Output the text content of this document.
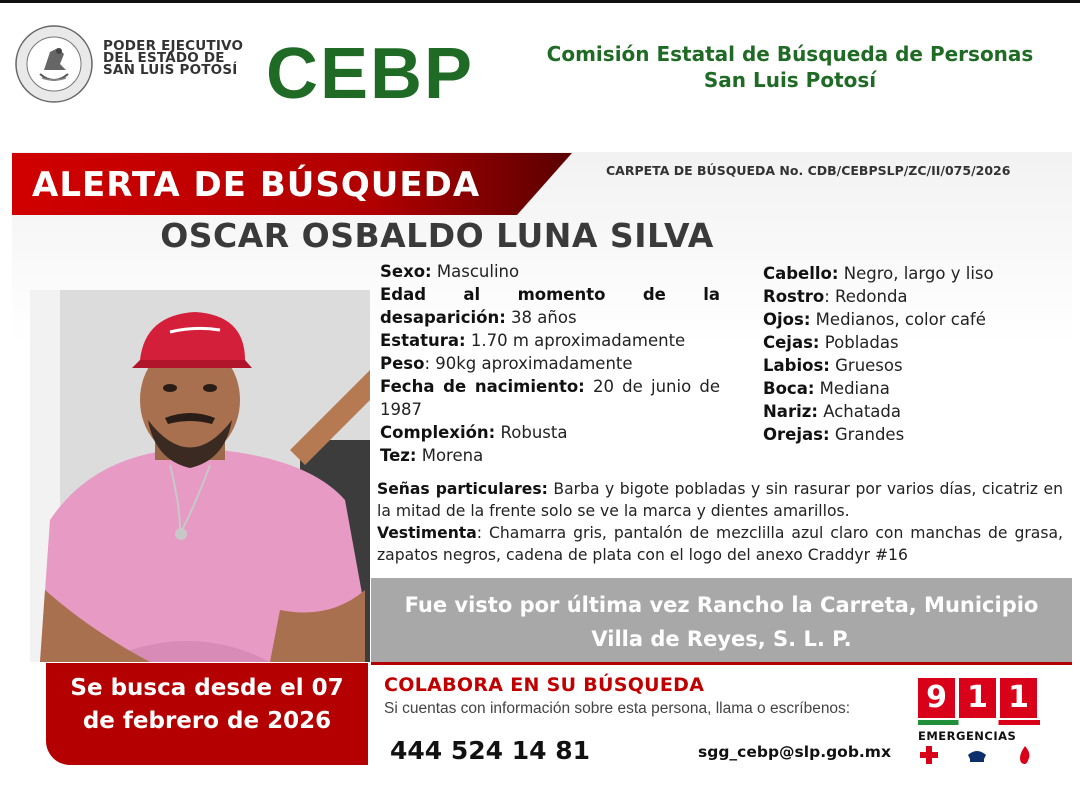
PODER EJECUTIVO
DEL ESTADO DE
SAN LUIS POTOSÍ CEBP	Comisión Estatal de Búsqueda de Personas
San Luis Potosí
ALERTA DE BÚSQUEDA	CARPETA DE BÚSQUEDA No. CDB/CEBPSLP/ZC/II/075/2026
OSCAR OSBALDO LUNA SILVA
Sexo: Masculino
Edad al momento de la desaparición: 38 años
Estatura: 1.70 m aproximadamente
Peso: 90kg aproximadamente
Fecha de nacimiento: 20 de junio de 1987
Complexión: Robusta
Tez: Morena
Cabello: Negro, largo y liso
Rostro: Redonda
Ojos: Medianos, color café
Cejas: Pobladas
Labios: Gruesos
Boca: Mediana
Nariz: Achatada
Orejas: Grandes
Señas particulares: Barba y bigote pobladas y sin rasurar por varios días, cicatriz en la mitad de la frente solo se ve la marca y dientes amarillos.
Vestimenta: Chamarra gris, pantalón de mezclilla azul claro con manchas de grasa, zapatos negros, cadena de plata con el logo del anexo Craddyr #16
Fue visto por última vez Rancho la Carreta, Municipio
Villa de Reyes, S. L. P.
Se busca desde el 07
de febrero de 2026
COLABORA EN SU BÚSQUEDA
Si cuentas con información sobre esta persona, llama o escríbenos:
444 524 14 81	sgg_cebp@slp.gob.mx
9 1 1
EMERGENCIAS
